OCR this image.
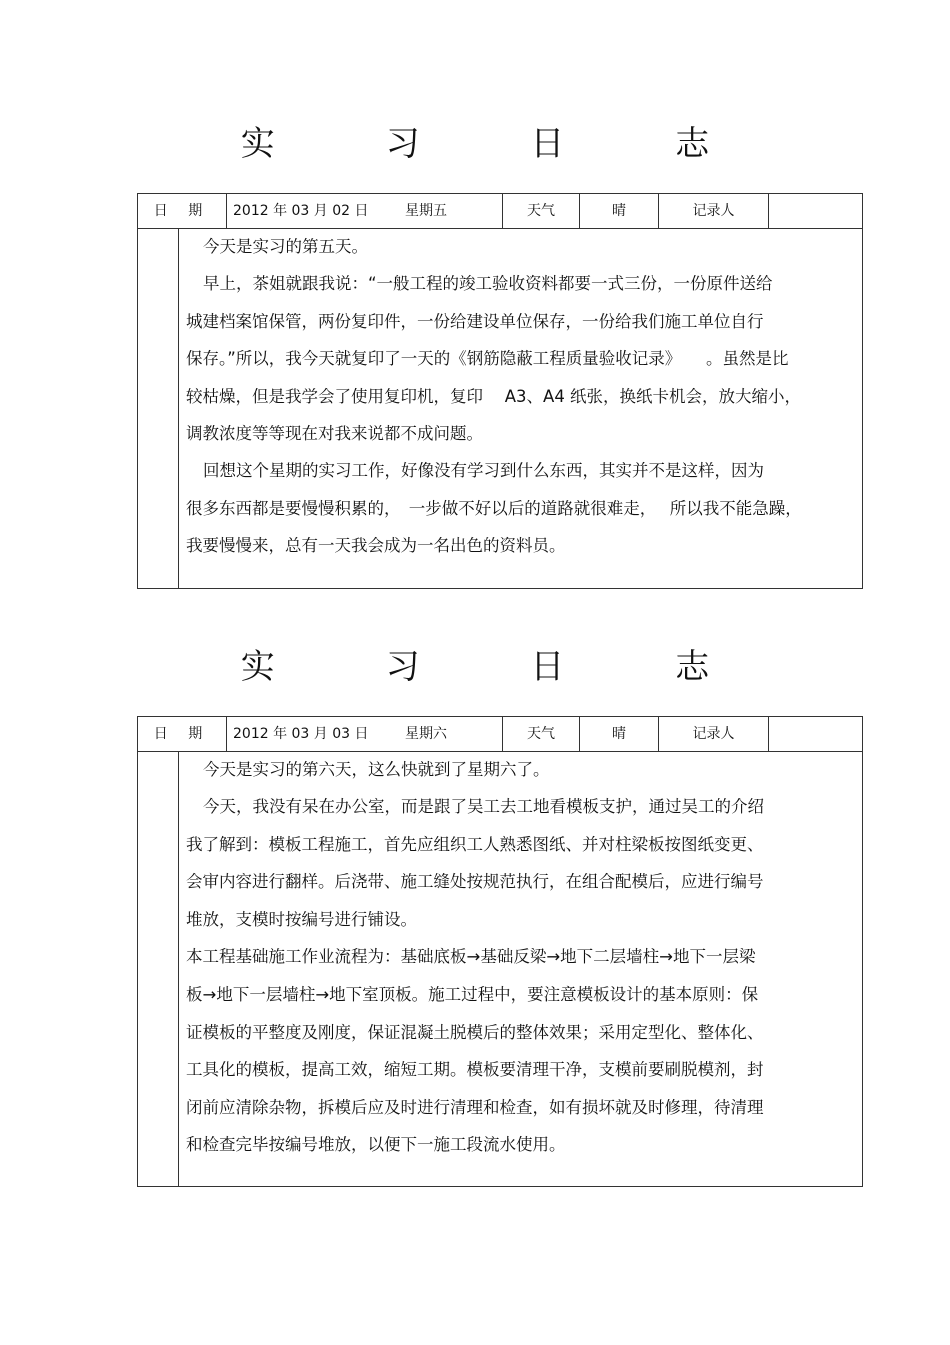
实 习 日 志
日 期	2012 年 03 月 02 日	星期五	天气	晴	记录人
今天是实习的第五天。
早上，茶姐就跟我说：“一般工程的竣工验收资料都要一式三份，一份原件送给
城建档案馆保管，两份复印件，一份给建设单位保存，一份给我们施工单位自行
保存。”所以，我今天就复印了一天的《钢筋隐蔽工程质量验收记录》　　。虽然是比
较枯燥，但是我学会了使用复印机，复印　 A3、A4 纸张，换纸卡机会，放大缩小，
调教浓度等等现在对我来说都不成问题。
回想这个星期的实习工作，好像没有学习到什么东西，其实并不是这样，因为
很多东西都是要慢慢积累的，　一步做不好以后的道路就很难走，　 所以我不能急躁，
我要慢慢来，总有一天我会成为一名出色的资料员。
实 习 日 志
日 期	2012 年 03 月 03 日	星期六	天气	晴	记录人
今天是实习的第六天，这么快就到了星期六了。
今天，我没有呆在办公室，而是跟了吴工去工地看模板支护，通过吴工的介绍
我了解到：模板工程施工，首先应组织工人熟悉图纸、并对柱梁板按图纸变更、
会审内容进行翻样。后浇带、施工缝处按规范执行，在组合配模后，应进行编号
堆放，支模时按编号进行铺设。
本工程基础施工作业流程为：基础底板→基础反梁→地下二层墙柱→地下一层梁
板→地下一层墙柱→地下室顶板。施工过程中，要注意模板设计的基本原则：保
证模板的平整度及刚度，保证混凝土脱模后的整体效果；采用定型化、整体化、
工具化的模板，提高工效，缩短工期。模板要清理干净，支模前要刷脱模剂，封
闭前应清除杂物，拆模后应及时进行清理和检查，如有损坏就及时修理，待清理
和检查完毕按编号堆放，以便下一施工段流水使用。
